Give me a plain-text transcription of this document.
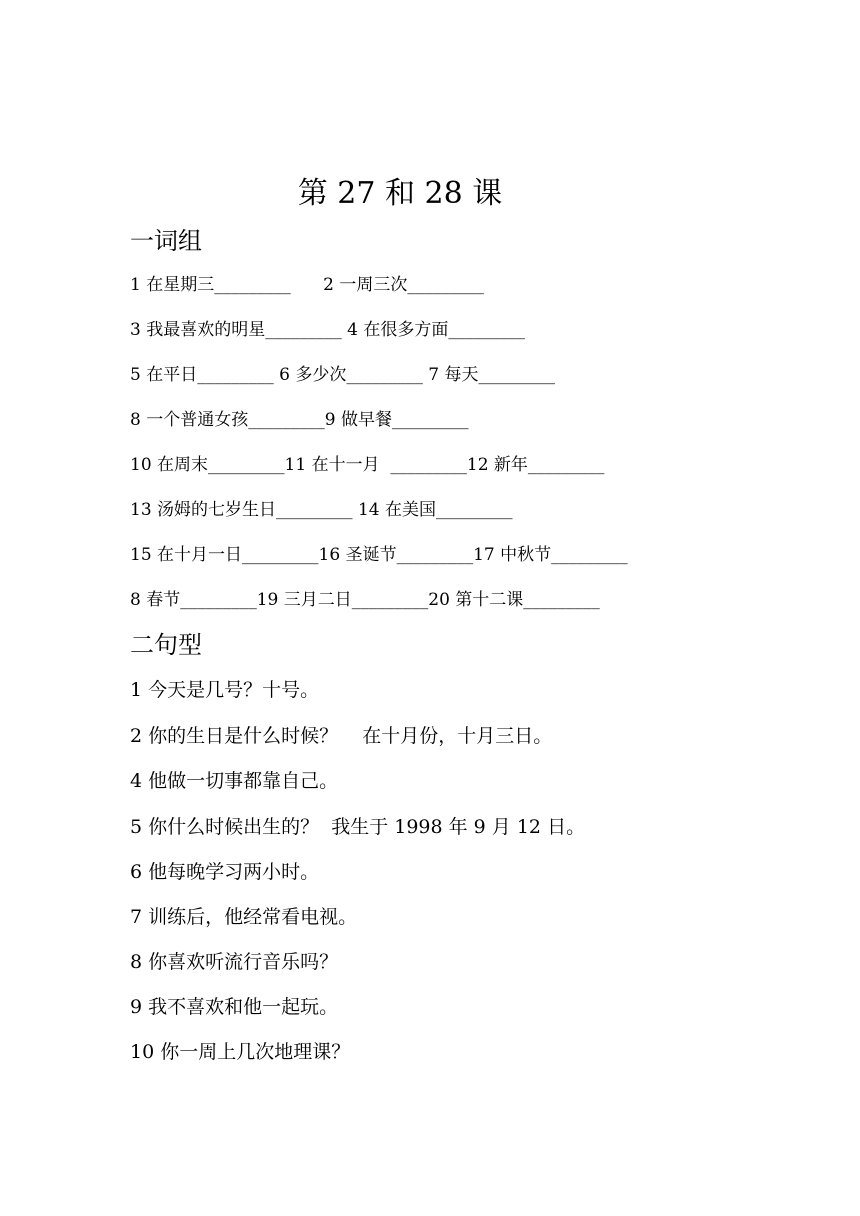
第 27 和 28 课
一词组
1 在星期三_________      2 一周三次_________
3 我最喜欢的明星_________ 4 在很多方面_________
5 在平日_________ 6 多少次_________ 7 每天_________
8 一个普通女孩_________9 做早餐_________
10 在周末_________11 在十一月  _________12 新年_________
13 汤姆的七岁生日_________ 14 在美国_________
15 在十月一日_________16 圣诞节_________17 中秋节_________
8 春节_________19 三月二日_________20 第十二课_________
二句型
1 今天是几号？十号。
2 你的生日是什么时候？    在十月份，十月三日。
4 他做一切事都靠自己。
5 你什么时候出生的？  我生于 1998 年 9 月 12 日。
6 他每晚学习两小时。
7 训练后，他经常看电视。
8 你喜欢听流行音乐吗？
9 我不喜欢和他一起玩。
10 你一周上几次地理课？
